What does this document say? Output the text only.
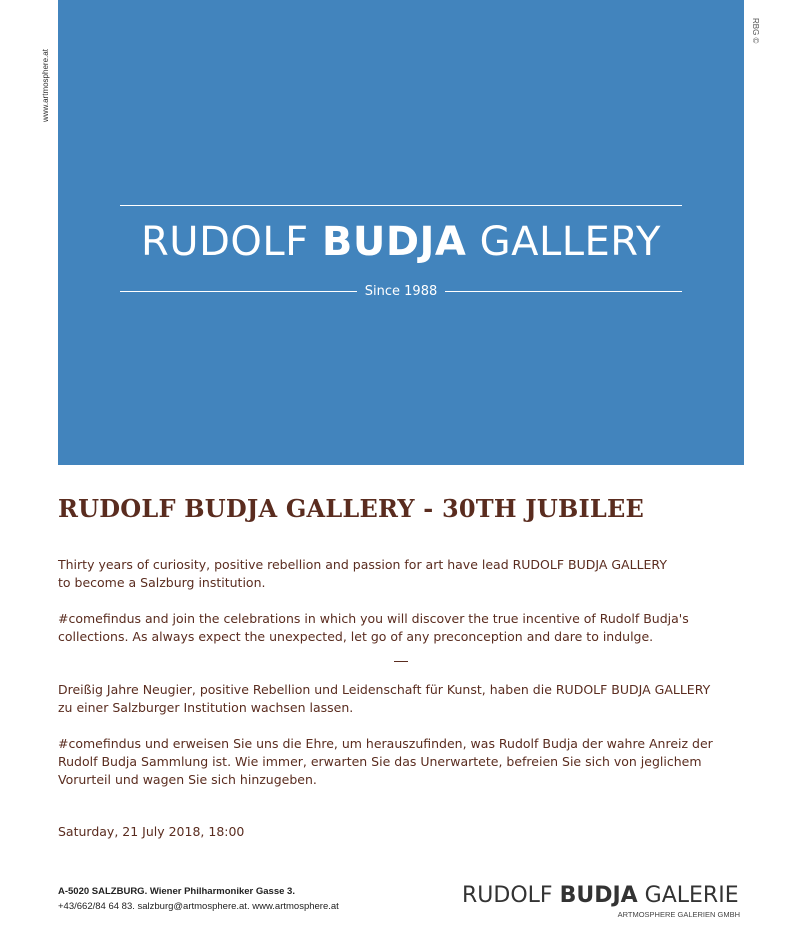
www.artmosphere.at
RBG ©
RUDOLF BUDJA GALLERY
Since 1988
RUDOLF BUDJA GALLERY - 30TH JUBILEE

Thirty years of curiosity, positive rebellion and passion for art have lead RUDOLF BUDJA GALLERY
to become a Salzburg institution.

#comefindus and join the celebrations in which you will discover the true incentive of Rudolf Budja's
collections. As always expect the unexpected, let go of any preconception and dare to indulge.

Dreißig Jahre Neugier, positive Rebellion und Leidenschaft für Kunst, haben die RUDOLF BUDJA GALLERY
zu einer Salzburger Institution wachsen lassen.

#comefindus und erweisen Sie uns die Ehre, um herauszufinden, was Rudolf Budja der wahre Anreiz der
Rudolf Budja Sammlung ist. Wie immer, erwarten Sie das Unerwartete, befreien Sie sich von jeglichem
Vorurteil und wagen Sie sich hinzugeben.

Saturday, 21 July 2018, 18:00

A-5020 SALZBURG. Wiener Philharmoniker Gasse 3.
+43/662/84 64 83. salzburg@artmosphere.at. www.artmosphere.at	RUDOLF BUDJA GALERIE
ARTMOSPHERE GALERIEN GMBH
